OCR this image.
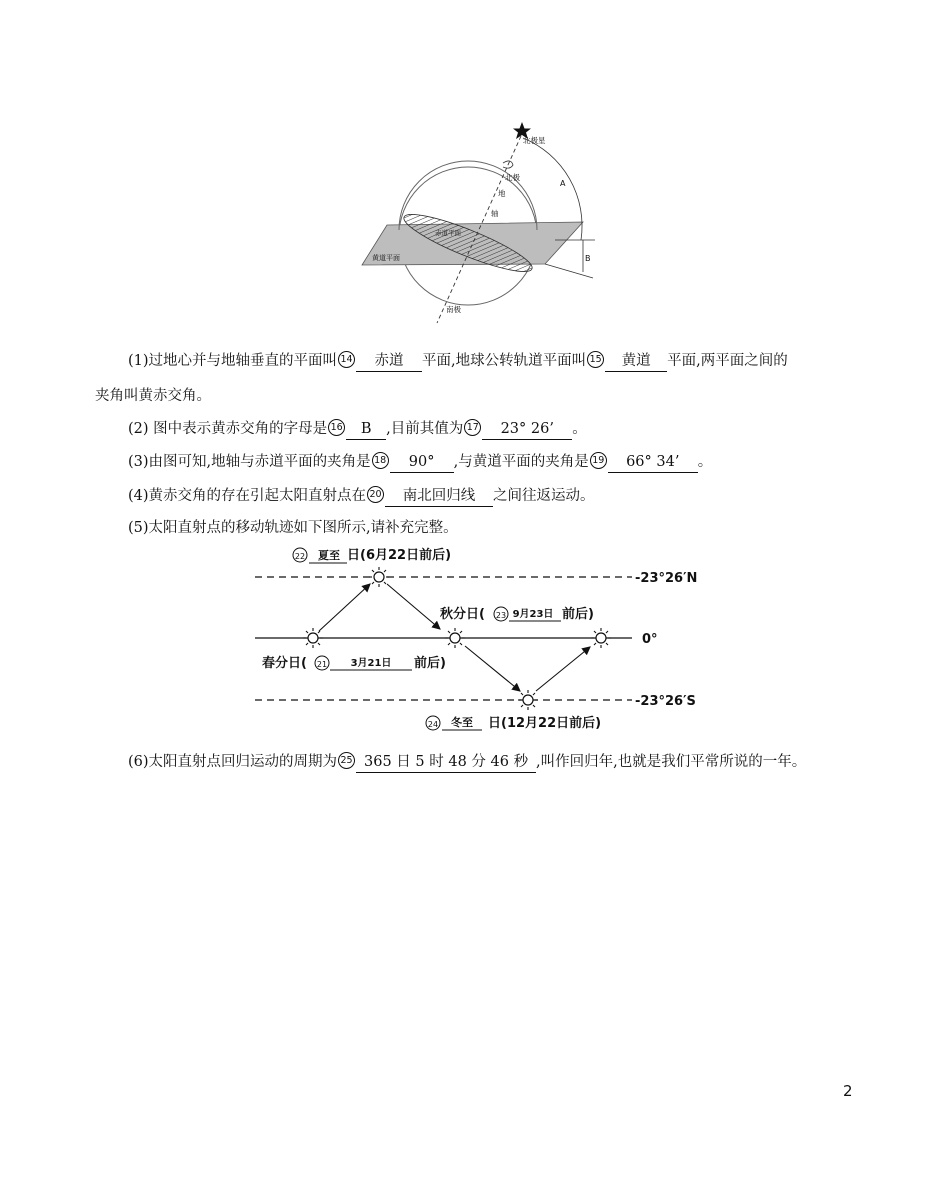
北极星
北极
地
轴
赤道平面
黄道平面
南极
A
B
(1)过地心并与地轴垂直的平面叫 14 赤道 平面,地球公转轨道平面叫 15 黄道 平面,两平面之间的
夹角叫黄赤交角。
(2) 图中表示黄赤交角的字母是 16 B ,目前其值为 17 23° 26’ 。
(3)由图可知,地轴与赤道平面的夹角是 18 90° ,与黄道平面的夹角是 19 66° 34’ 。
(4)黄赤交角的存在引起太阳直射点在 20 南北回归线 之间往返运动。
(5)太阳直射点的移动轨迹如下图所示,请补充完整。
-23°26′N
0°
-23°26′S
22 夏至 日(6月22日前后)
秋分日( 23 9月23日 前后)
春分日( 21 3月21日 前后)
24 冬至 日(12月22日前后)
(6)太阳直射点回归运动的周期为 25 365 日 5 时 48 分 46 秒 ,叫作回归年,也就是我们平常所说的一年。
2
